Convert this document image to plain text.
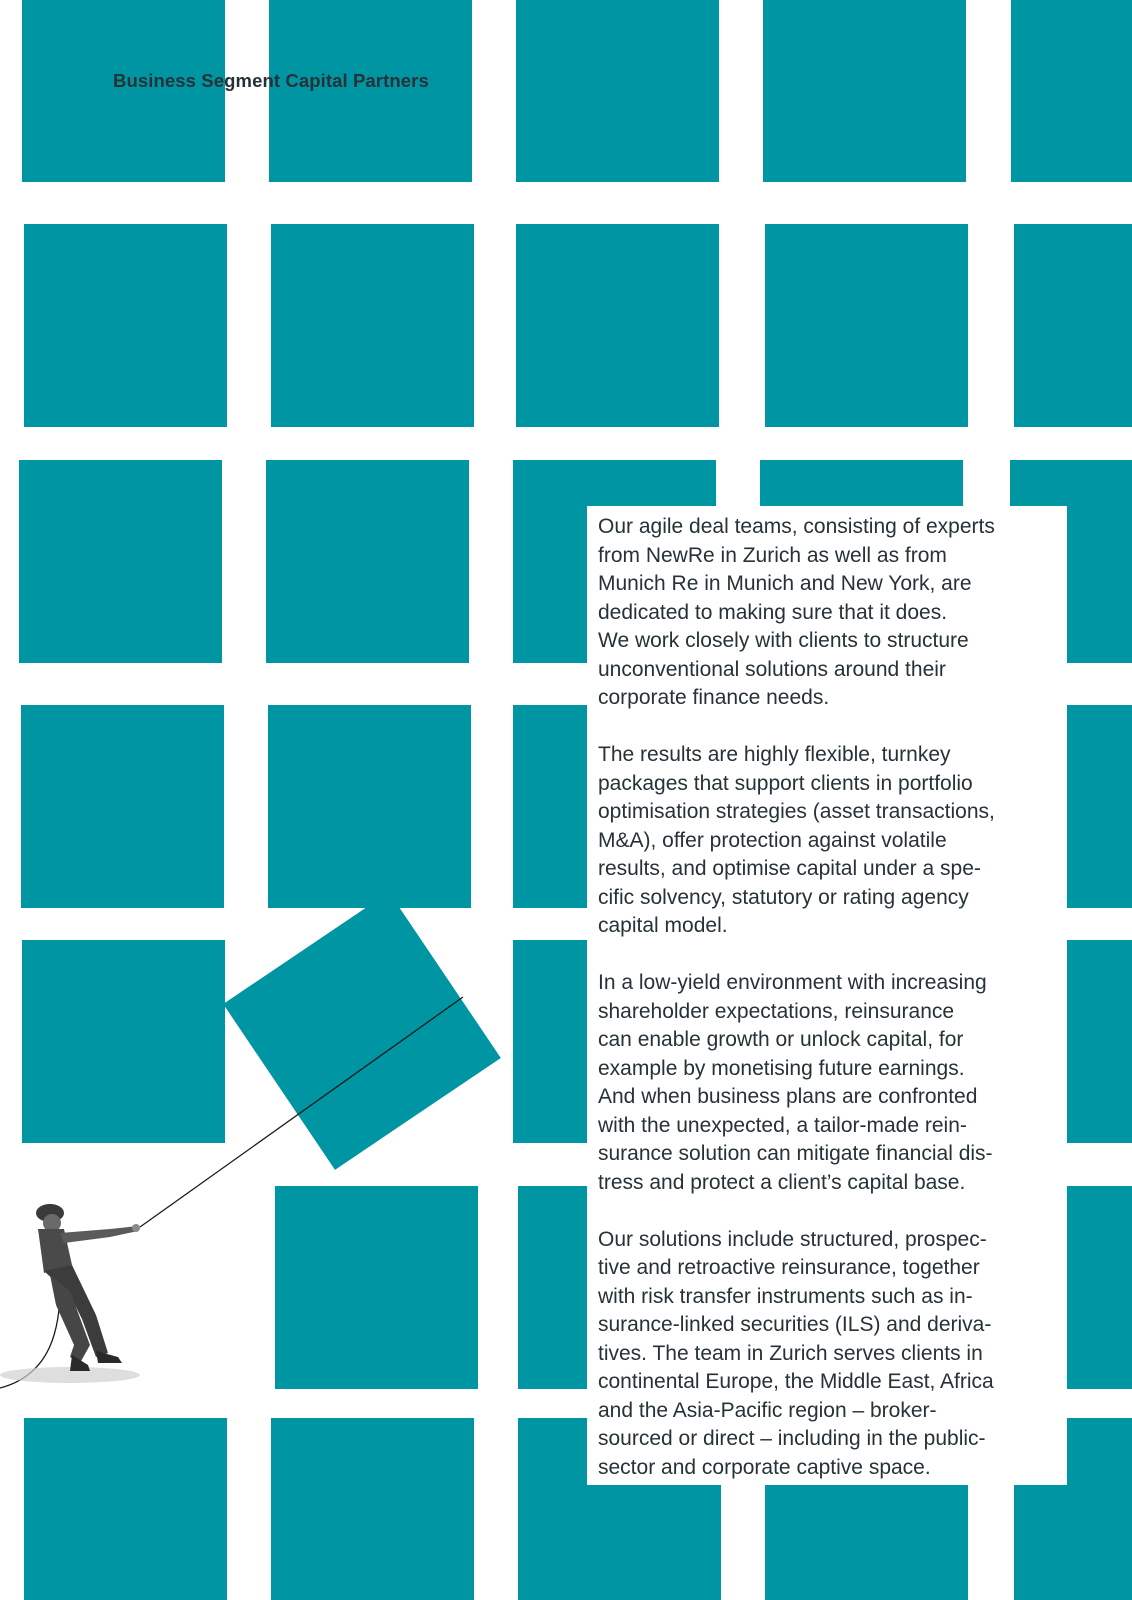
Business Segment Capital Partners

Our agile deal teams, consisting of experts
from NewRe in Zurich as well as from
Munich Re in Munich and New York, are
dedicated to making sure that it does.
We work closely with clients to structure
unconventional solutions around their
corporate finance needs.

The results are highly flexible, turnkey
packages that support clients in portfolio
optimisation strategies (asset transactions,
M&A), offer protection against volatile
results, and optimise capital under a spe-
cific solvency, statutory or rating agency
capital model.

In a low-yield environment with increasing
shareholder expectations, reinsurance
can enable growth or unlock capital, for
example by monetising future earnings.
And when business plans are confronted
with the unexpected, a tailor-made rein-
surance solution can mitigate financial dis-
tress and protect a client’s capital base.

Our solutions include structured, prospec-
tive and retroactive reinsurance, together
with risk transfer instruments such as in-
surance-linked securities (ILS) and deriva-
tives. The team in Zurich serves clients in
continental Europe, the Middle East, Africa
and the Asia-Pacific region – broker-
sourced or direct – including in the public-
sector and corporate captive space.
